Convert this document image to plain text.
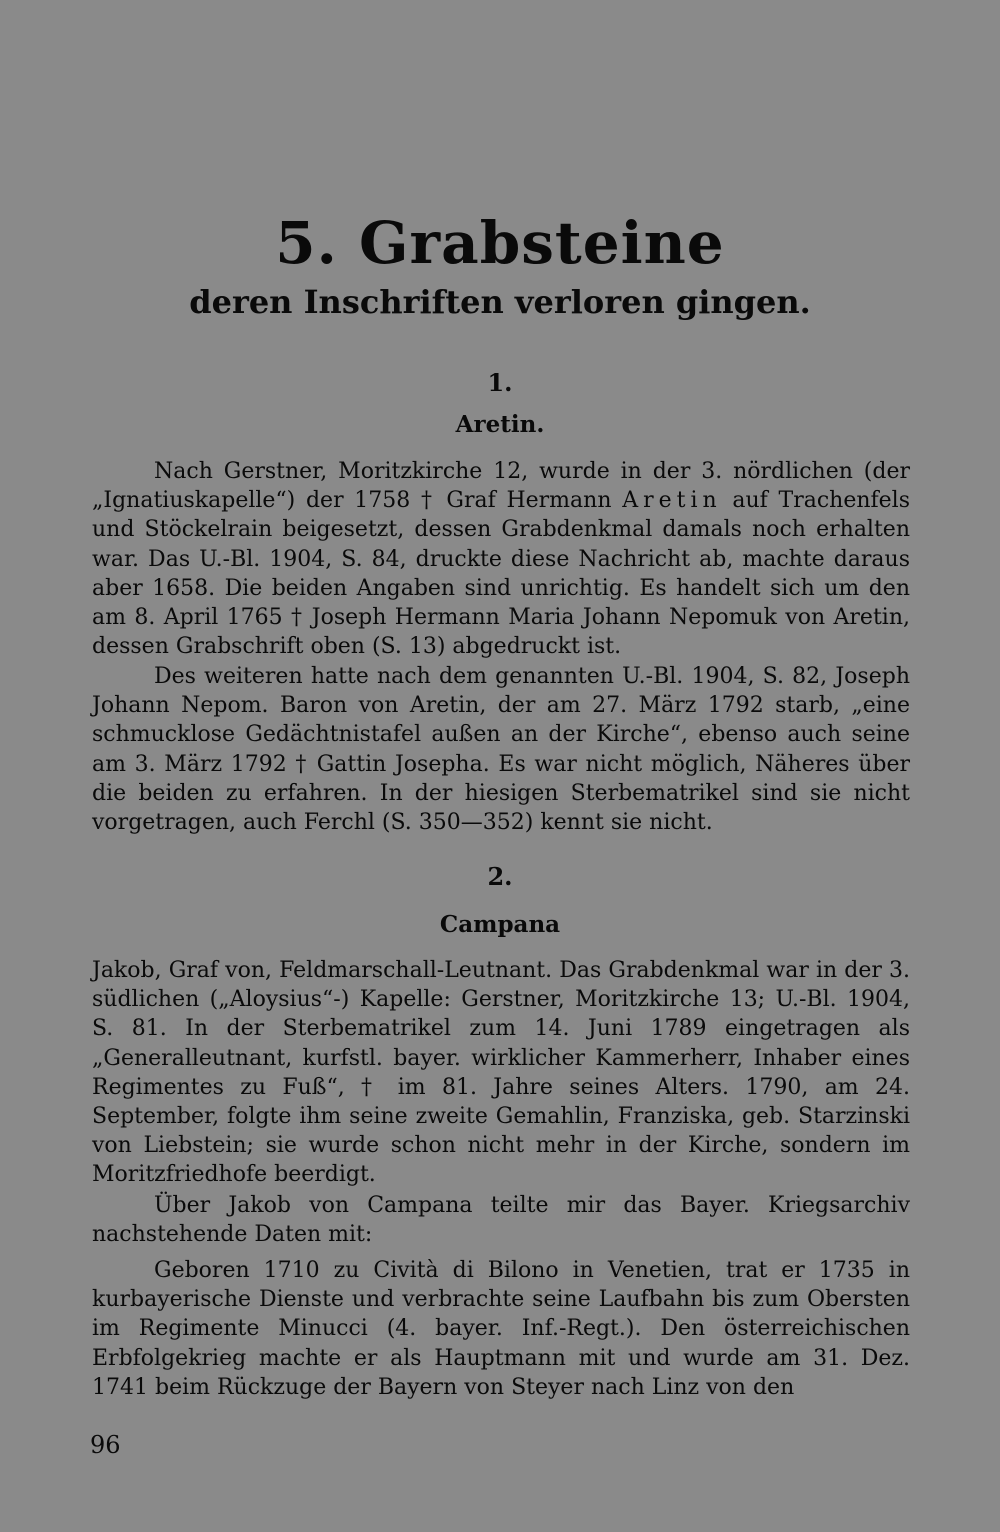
5. Grabsteine
deren Inschriften verloren gingen.
1.
Aretin.

Nach Gerstner, Moritzkirche 12, wurde in der 3. nördlichen (der „Ignatiuskapelle“) der 1758 † Graf Hermann Aretin auf Trachenfels und Stöckelrain beigesetzt, dessen Grabdenkmal damals noch erhalten war. Das U.-Bl. 1904, S. 84, druckte diese Nachricht ab, machte daraus aber 1658. Die beiden Angaben sind unrichtig. Es handelt sich um den am 8. April 1765 † Joseph Hermann Maria Johann Nepomuk von Aretin, dessen Grabschrift oben (S. 13) abgedruckt ist.

Des weiteren hatte nach dem genannten U.-Bl. 1904, S. 82, Joseph Johann Nepom. Baron von Aretin, der am 27. März 1792 starb, „eine schmucklose Gedächtnistafel außen an der Kirche“, ebenso auch seine am 3. März 1792 † Gattin Josepha. Es war nicht möglich, Näheres über die beiden zu erfahren. In der hiesigen Sterbematrikel sind sie nicht vorgetragen, auch Ferchl (S. 350—352) kennt sie nicht.

2.
Campana

Jakob, Graf von, Feldmarschall-Leutnant. Das Grabdenkmal war in der 3. südlichen („Aloysius“-) Kapelle: Gerstner, Moritzkirche 13; U.-Bl. 1904, S. 81. In der Sterbematrikel zum 14. Juni 1789 eingetragen als „Generalleutnant, kurfstl. bayer. wirklicher Kammerherr, Inhaber eines Regimentes zu Fuß“, † im 81. Jahre seines Alters. 1790, am 24. September, folgte ihm seine zweite Gemahlin, Franziska, geb. Starzinski von Liebstein; sie wurde schon nicht mehr in der Kirche, sondern im Moritzfriedhofe beerdigt.

Über Jakob von Campana teilte mir das Bayer. Kriegsarchiv nachstehende Daten mit:

Geboren 1710 zu Cività di Bilono in Venetien, trat er 1735 in kurbayerische Dienste und verbrachte seine Laufbahn bis zum Obersten im Regimente Minucci (4. bayer. Inf.-Regt.). Den österreichischen Erbfolgekrieg machte er als Hauptmann mit und wurde am 31. Dez. 1741 beim Rückzuge der Bayern von Steyer nach Linz von den

96
